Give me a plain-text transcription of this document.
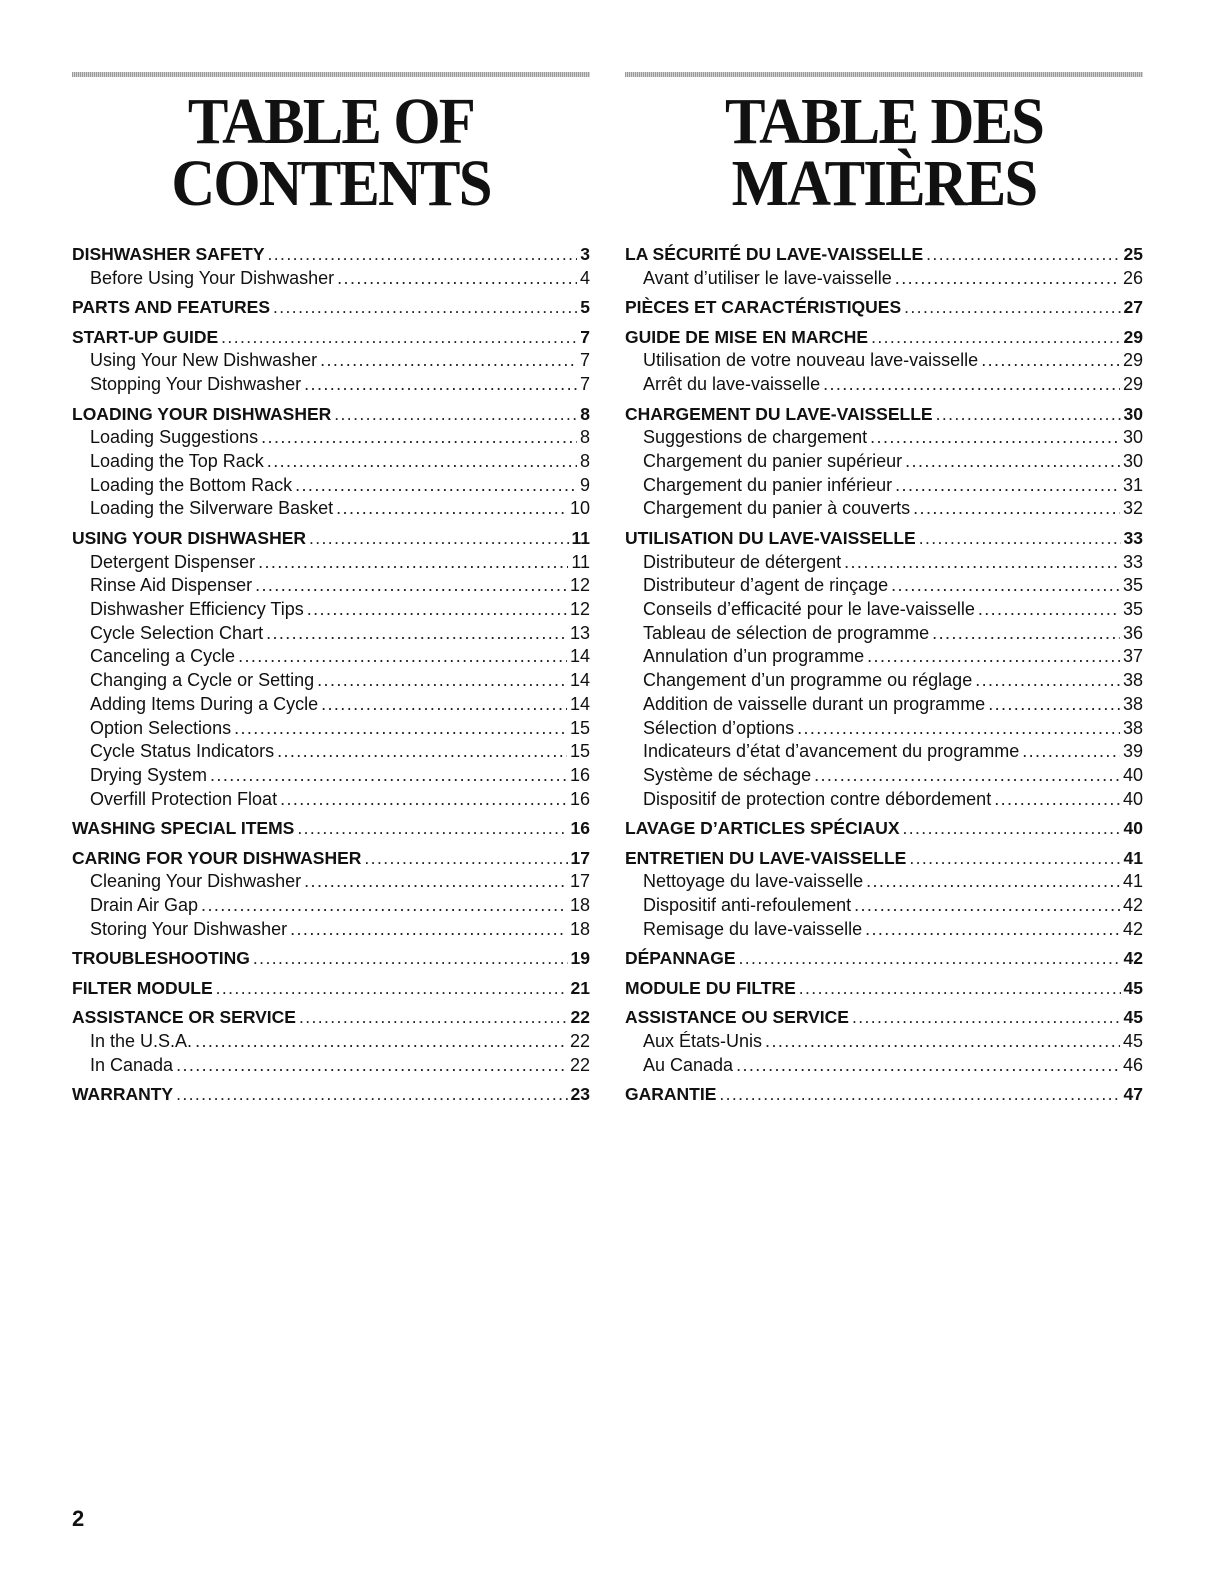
TABLE OF
CONTENTS
DISHWASHER SAFETY .....	3
Before Using Your Dishwasher .....	4
PARTS AND FEATURES .....	5
START-UP GUIDE .....	7
Using Your New Dishwasher .....	7
Stopping Your Dishwasher .....	7
LOADING YOUR DISHWASHER .....	8
Loading Suggestions .....	8
Loading the Top Rack .....	8
Loading the Bottom Rack .....	9
Loading the Silverware Basket .....	10
USING YOUR DISHWASHER .....	11
Detergent Dispenser .....	11
Rinse Aid Dispenser .....	12
Dishwasher Efficiency Tips .....	12
Cycle Selection Chart .....	13
Canceling a Cycle .....	14
Changing a Cycle or Setting .....	14
Adding Items During a Cycle .....	14
Option Selections .....	15
Cycle Status Indicators .....	15
Drying System .....	16
Overfill Protection Float .....	16
WASHING SPECIAL ITEMS .....	16
CARING FOR YOUR DISHWASHER .....	17
Cleaning Your Dishwasher .....	17
Drain Air Gap .....	18
Storing Your Dishwasher .....	18
TROUBLESHOOTING .....	19
FILTER MODULE .....	21
ASSISTANCE OR SERVICE .....	22
In the U.S.A. .....	22
In Canada .....	22
WARRANTY .....	23
TABLE DES
MATIÈRES
LA SÉCURITÉ DU LAVE-VAISSELLE .....	25
Avant d’utiliser le lave-vaisselle .....	26
PIÈCES ET CARACTÉRISTIQUES .....	27
GUIDE DE MISE EN MARCHE .....	29
Utilisation de votre nouveau lave-vaisselle .....	29
Arrêt du lave-vaisselle .....	29
CHARGEMENT DU LAVE-VAISSELLE .....	30
Suggestions de chargement .....	30
Chargement du panier supérieur .....	30
Chargement du panier inférieur .....	31
Chargement du panier à couverts .....	32
UTILISATION DU LAVE-VAISSELLE .....	33
Distributeur de détergent .....	33
Distributeur d’agent de rinçage .....	35
Conseils d’efficacité pour le lave-vaisselle .....	35
Tableau de sélection de programme .....	36
Annulation d’un programme .....	37
Changement d’un programme ou réglage .....	38
Addition de vaisselle durant un programme .....	38
Sélection d’options .....	38
Indicateurs d’état d’avancement du programme .....	39
Système de séchage .....	40
Dispositif de protection contre débordement .....	40
LAVAGE D’ARTICLES SPÉCIAUX .....	40
ENTRETIEN DU LAVE-VAISSELLE .....	41
Nettoyage du lave-vaisselle .....	41
Dispositif anti-refoulement .....	42
Remisage du lave-vaisselle .....	42
DÉPANNAGE .....	42
MODULE DU FILTRE .....	45
ASSISTANCE OU SERVICE .....	45
Aux États-Unis .....	45
Au Canada .....	46
GARANTIE .....	47
2
